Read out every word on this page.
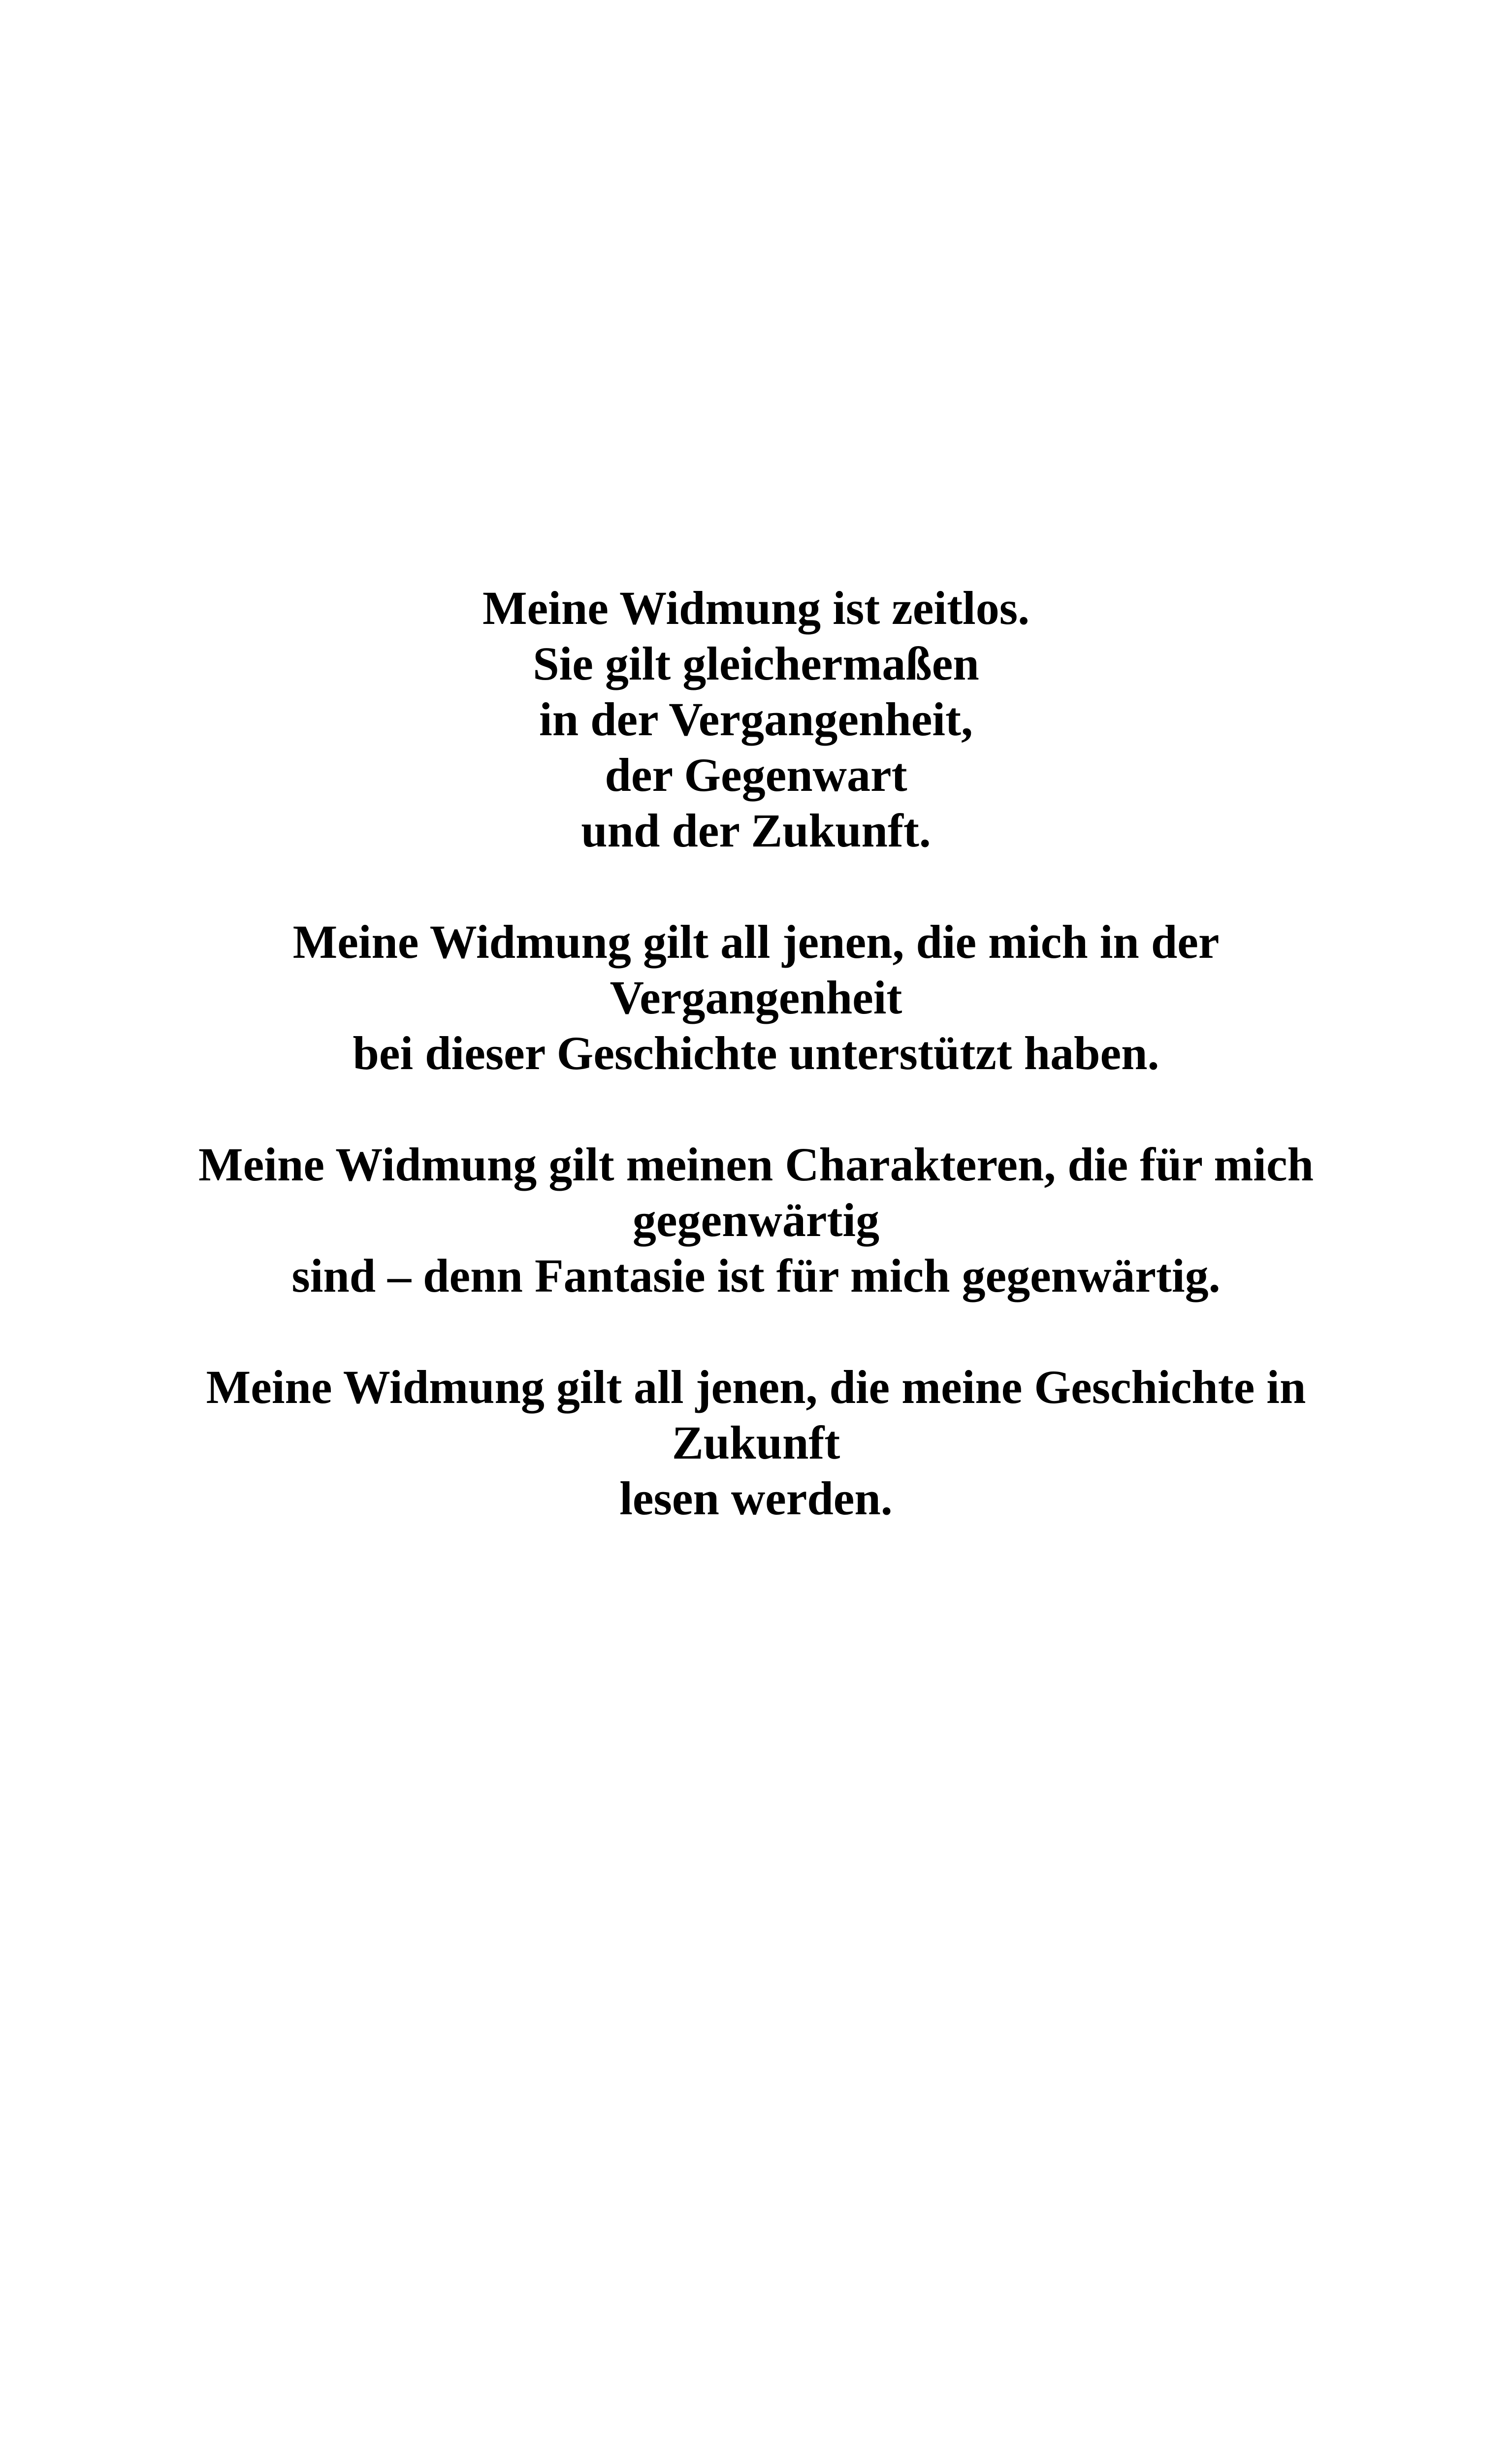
Meine Widmung ist zeitlos.
Sie gilt gleichermaßen
in der Vergangenheit,
der Gegenwart
und der Zukunft.

Meine Widmung gilt all jenen, die mich in der
Vergangenheit
bei dieser Geschichte unterstützt haben.

Meine Widmung gilt meinen Charakteren, die für mich
gegenwärtig
sind – denn Fantasie ist für mich gegenwärtig.

Meine Widmung gilt all jenen, die meine Geschichte in
Zukunft
lesen werden.
